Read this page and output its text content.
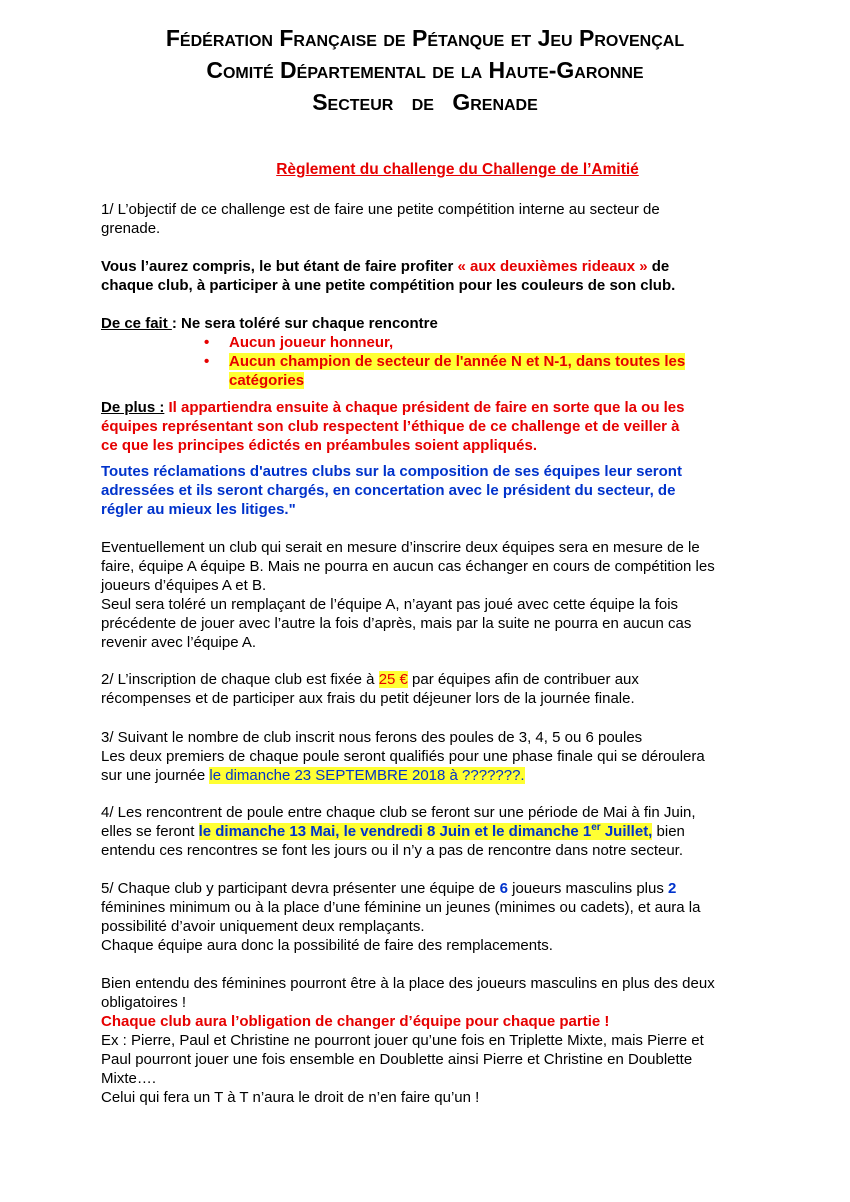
Fédération Française de Pétanque et Jeu Provençal
Comité Départemental de la Haute-Garonne
Secteur de Grenade
Règlement du challenge du Challenge de l’Amitié
1/ L’objectif de ce challenge est de faire une petite compétition interne au secteur de
grenade.
Vous l’aurez compris, le but étant de faire profiter « aux deuxièmes rideaux » de
chaque club, à participer à une petite compétition pour les couleurs de son club.
De ce fait : Ne sera toléré sur chaque rencontre
• Aucun joueur honneur,
• Aucun champion de secteur de l'année N et N-1, dans toutes les
catégories
De plus : Il appartiendra ensuite à chaque président de faire en sorte que la ou les
équipes représentant son club respectent l’éthique de ce challenge et de veiller à
ce que les principes édictés en préambules soient appliqués.
Toutes réclamations d'autres clubs sur la composition de ses équipes leur seront
adressées et ils seront chargés, en concertation avec le président du secteur, de
régler au mieux les litiges."
Eventuellement un club qui serait en mesure d’inscrire deux équipes sera en mesure de le
faire, équipe A équipe B. Mais ne pourra en aucun cas échanger en cours de compétition les
joueurs d’équipes A et B.
Seul sera toléré un remplaçant de l’équipe A, n’ayant pas joué avec cette équipe la fois
précédente de jouer avec l’autre la fois d’après, mais par la suite ne pourra en aucun cas
revenir avec l’équipe A.
2/ L’inscription de chaque club est fixée à 25 € par équipes afin de contribuer aux
récompenses et de participer aux frais du petit déjeuner lors de la journée finale.
3/ Suivant le nombre de club inscrit nous ferons des poules de 3, 4, 5 ou 6 poules
Les deux premiers de chaque poule seront qualifiés pour une phase finale qui se déroulera
sur une journée le dimanche 23 SEPTEMBRE 2018 à ???????.
4/ Les rencontrent de poule entre chaque club se feront sur une période de Mai à fin Juin,
elles se feront le dimanche 13 Mai, le vendredi 8 Juin et le dimanche 1er Juillet, bien
entendu ces rencontres se font les jours ou il n’y a pas de rencontre dans notre secteur.
5/ Chaque club y participant devra présenter une équipe de 6 joueurs masculins plus 2
féminines minimum ou à la place d’une féminine un jeunes (minimes ou cadets), et aura la
possibilité d’avoir uniquement deux remplaçants.
Chaque équipe aura donc la possibilité de faire des remplacements.
Bien entendu des féminines pourront être à la place des joueurs masculins en plus des deux
obligatoires !
Chaque club aura l’obligation de changer d’équipe pour chaque partie !
Ex : Pierre, Paul et Christine ne pourront jouer qu’une fois en Triplette Mixte, mais Pierre et
Paul pourront jouer une fois ensemble en Doublette ainsi Pierre et Christine en Doublette
Mixte….
Celui qui fera un T à T n’aura le droit de n’en faire qu’un !
